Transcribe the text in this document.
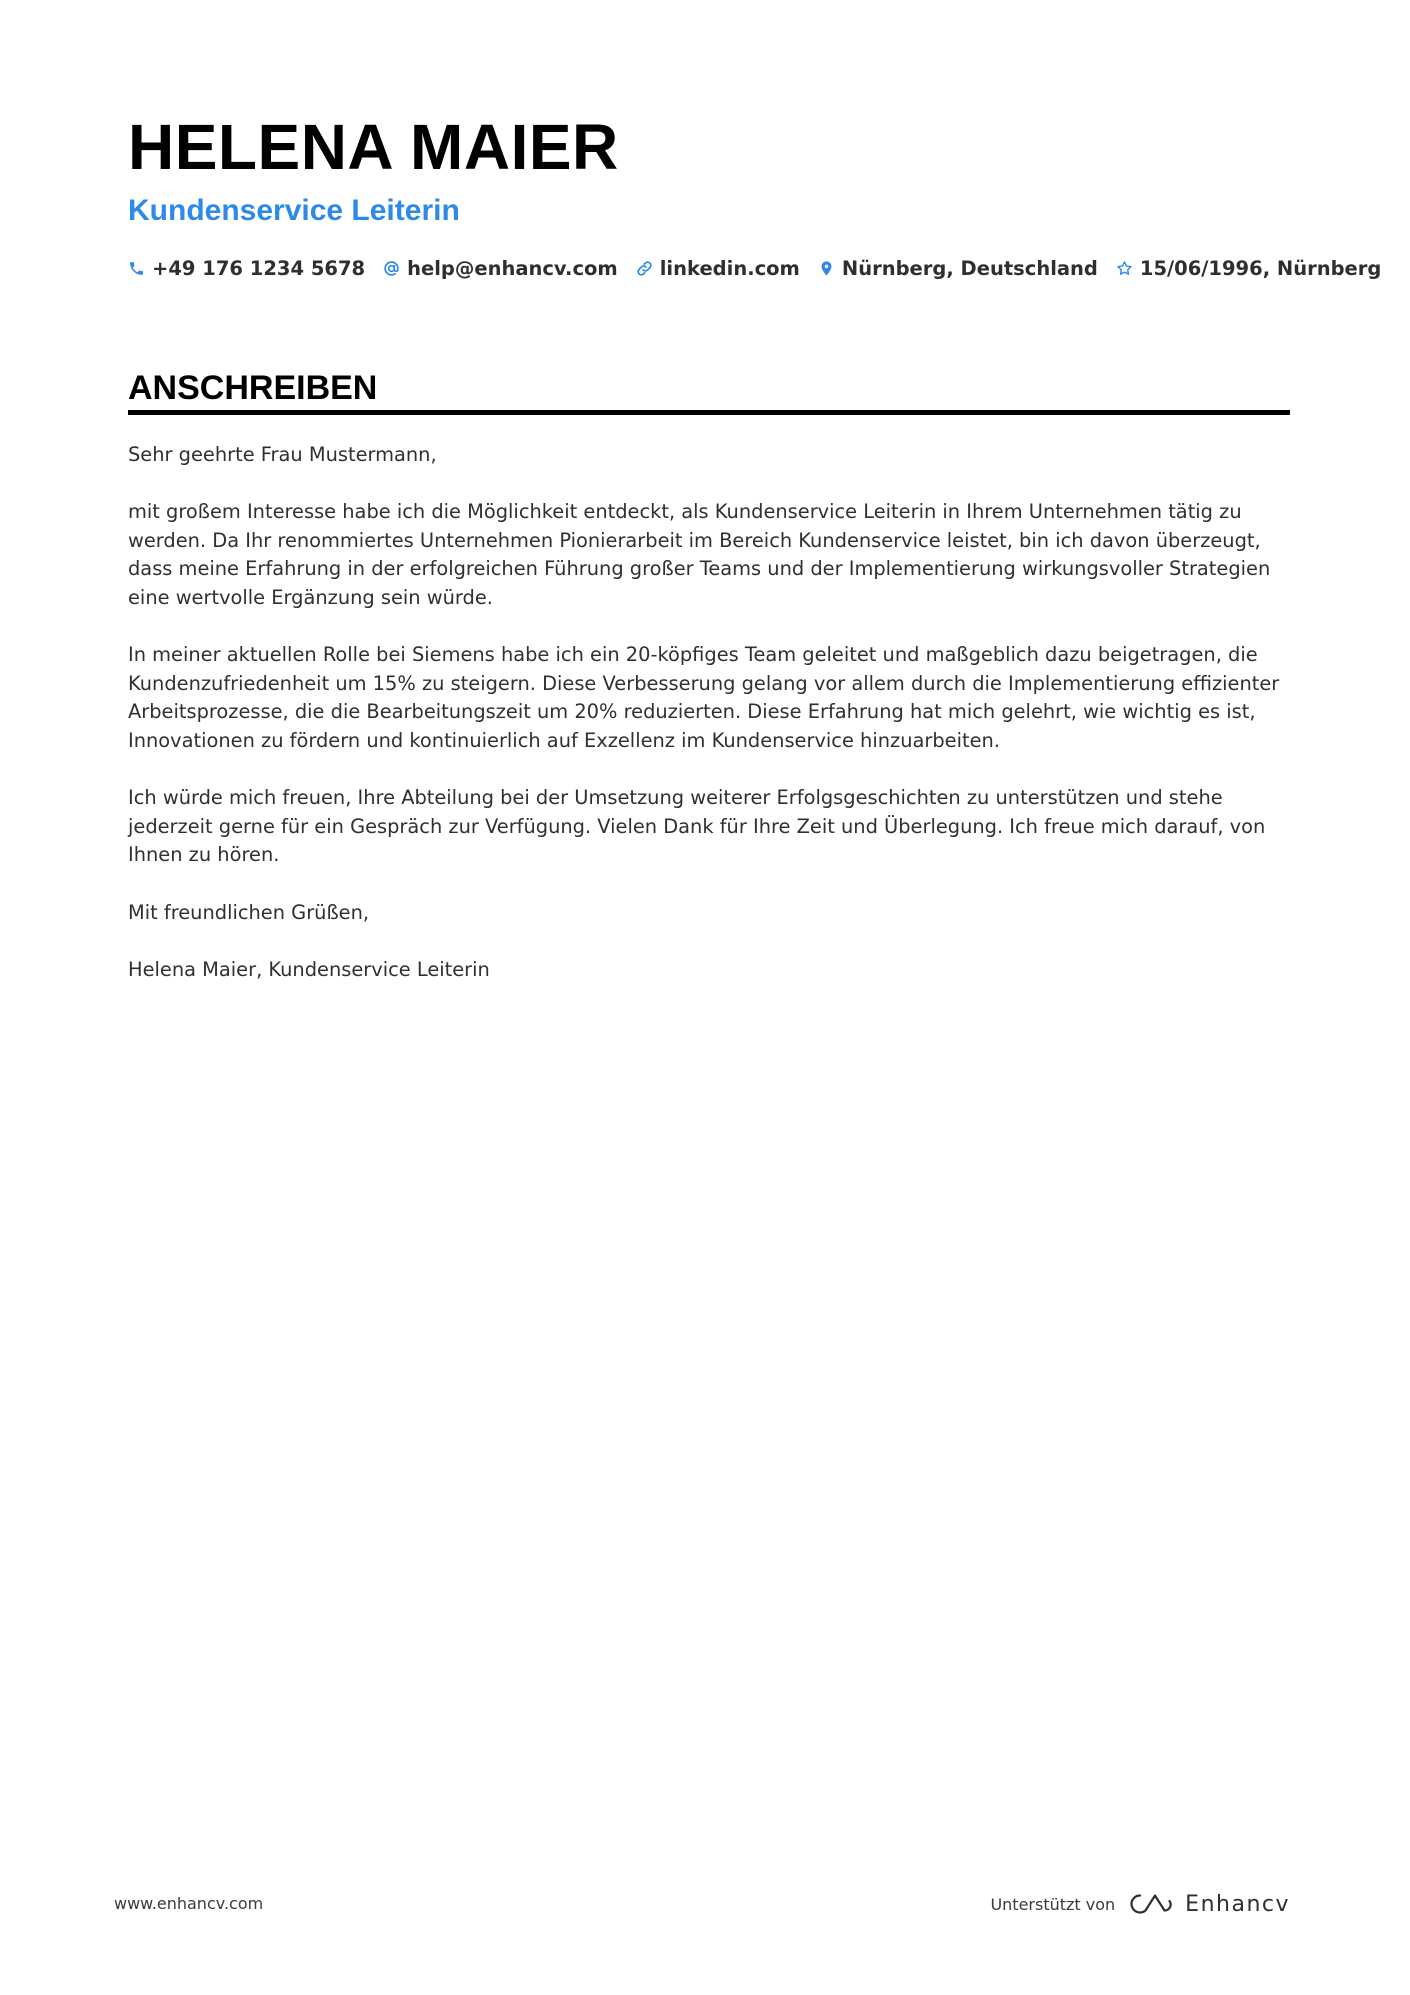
HELENA MAIER
Kundenservice Leiterin
+49 176 1234 5678 help@enhancv.com linkedin.com Nürnberg, Deutschland 15/06/1996, Nürnberg
ANSCHREIBEN

Sehr geehrte Frau Mustermann,

mit großem Interesse habe ich die Möglichkeit entdeckt, als Kundenservice Leiterin in Ihrem Unternehmen tätig zu werden. Da Ihr renommiertes Unternehmen Pionierarbeit im Bereich Kundenservice leistet, bin ich davon überzeugt, dass meine Erfahrung in der erfolgreichen Führung großer Teams und der Implementierung wirkungsvoller Strategien eine wertvolle Ergänzung sein würde.

In meiner aktuellen Rolle bei Siemens habe ich ein 20-köpfiges Team geleitet und maßgeblich dazu beigetragen, die Kundenzufriedenheit um 15% zu steigern. Diese Verbesserung gelang vor allem durch die Implementierung effizienter Arbeitsprozesse, die die Bearbeitungszeit um 20% reduzierten. Diese Erfahrung hat mich gelehrt, wie wichtig es ist, Innovationen zu fördern und kontinuierlich auf Exzellenz im Kundenservice hinzuarbeiten.

Ich würde mich freuen, Ihre Abteilung bei der Umsetzung weiterer Erfolgsgeschichten zu unterstützen und stehe jederzeit gerne für ein Gespräch zur Verfügung. Vielen Dank für Ihre Zeit und Überlegung. Ich freue mich darauf, von Ihnen zu hören.

Mit freundlichen Grüßen,

Helena Maier, Kundenservice Leiterin

www.enhancv.com	Unterstützt von	Enhancv
